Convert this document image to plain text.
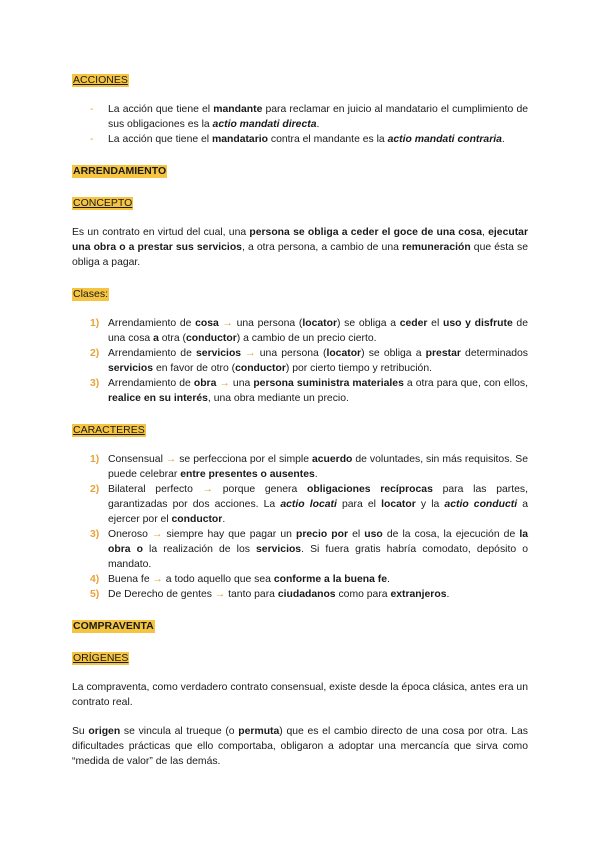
ACCIONES
- La acción que tiene el mandante para reclamar en juicio al mandatario el cumplimiento de sus obligaciones es la actio mandati directa.
- La acción que tiene el mandatario contra el mandante es la actio mandati contraria.
ARRENDAMIENTO
CONCEPTO

Es un contrato en virtud del cual, una persona se obliga a ceder el goce de una cosa, ejecutar una obra o a prestar sus servicios, a otra persona, a cambio de una remuneración que ésta se obliga a pagar.

Clases:
1) Arrendamiento de cosa → una persona (locator) se obliga a ceder el uso y disfrute de una cosa a otra (conductor) a cambio de un precio cierto.
2) Arrendamiento de servicios → una persona (locator) se obliga a prestar determinados servicios en favor de otro (conductor) por cierto tiempo y retribución.
3) Arrendamiento de obra → una persona suministra materiales a otra para que, con ellos, realice en su interés, una obra mediante un precio.
CARACTERES
1) Consensual → se perfecciona por el simple acuerdo de voluntades, sin más requisitos. Se puede celebrar entre presentes o ausentes.
2) Bilateral perfecto → porque genera obligaciones recíprocas para las partes, garantizadas por dos acciones. La actio locati para el locator y la actio conducti a ejercer por el conductor.
3) Oneroso → siempre hay que pagar un precio por el uso de la cosa, la ejecución de la obra o la realización de los servicios. Si fuera gratis habría comodato, depósito o mandato.
4) Buena fe → a todo aquello que sea conforme a la buena fe.
5) De Derecho de gentes → tanto para ciudadanos como para extranjeros.
COMPRAVENTA
ORÍGENES

La compraventa, como verdadero contrato consensual, existe desde la época clásica, antes era un contrato real.

Su origen se vincula al trueque (o permuta) que es el cambio directo de una cosa por otra. Las dificultades prácticas que ello comportaba, obligaron a adoptar una mercancía que sirva como “medida de valor” de las demás.
